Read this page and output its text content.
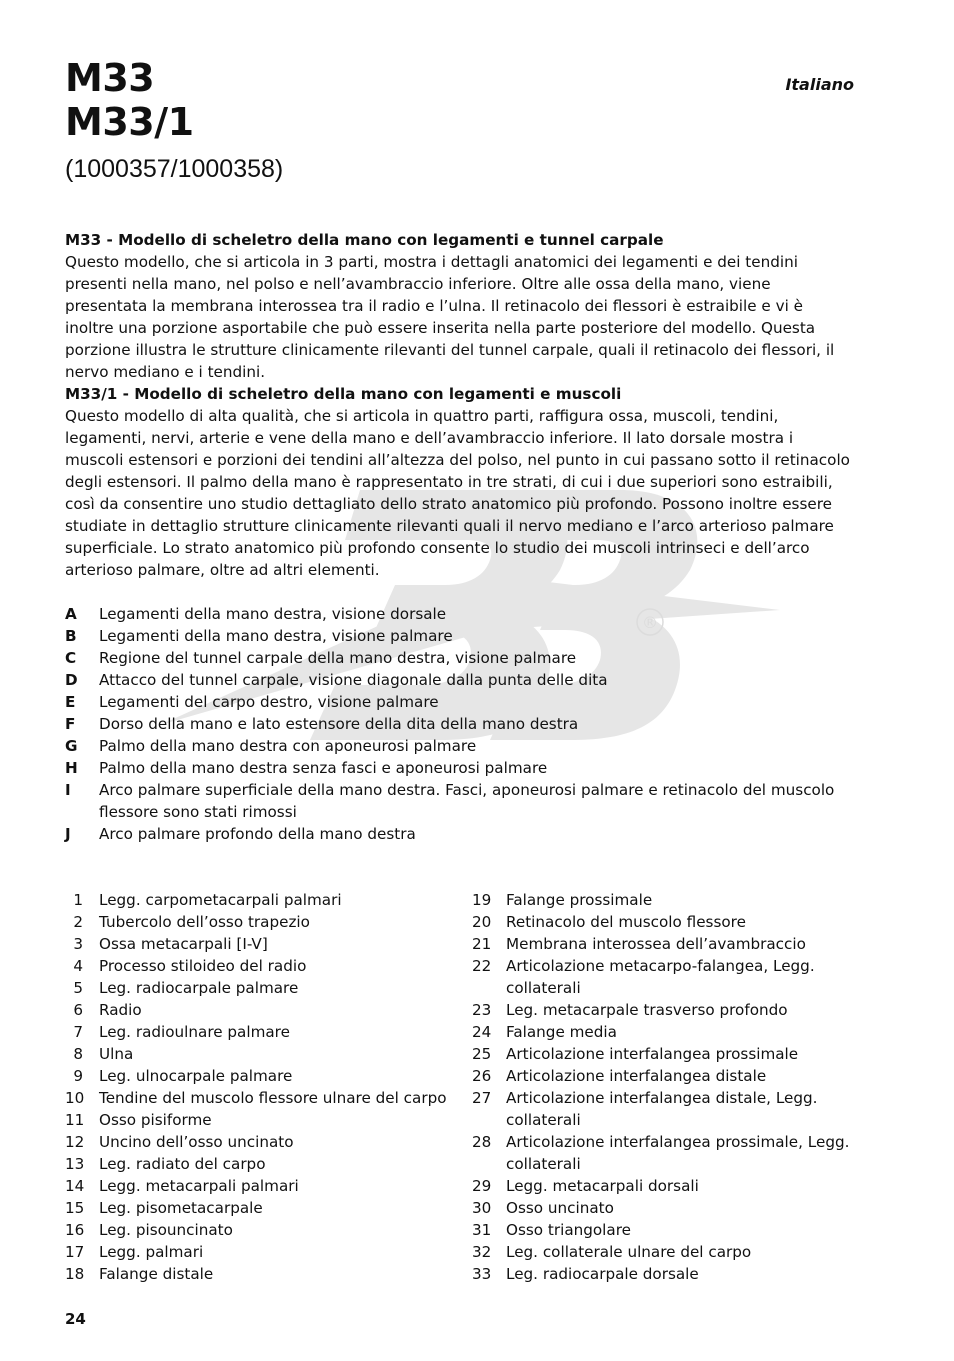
®
M33
M33/1
(1000357/1000358)
Italiano
M33 - Modello di scheletro della mano con legamenti e tunnel carpale

Questo modello, che si articola in 3 parti, mostra i dettagli anatomici dei legamenti e dei tendini presenti nella mano, nel polso e nell’avambraccio inferiore. Oltre alle ossa della mano, viene presentata la membrana interossea tra il radio e l’ulna. Il retinacolo dei flessori è estraibile e vi è inoltre una porzione asportabile che può essere inserita nella parte posteriore del modello. Questa porzione illustra le strutture clinicamente rilevanti del tunnel carpale, quali il retinacolo dei flessori, il nervo mediano e i tendini.

M33/1 - Modello di scheletro della mano con legamenti e muscoli

Questo modello di alta qualità, che si articola in quattro parti, raffigura ossa, muscoli, tendini, legamenti, nervi, arterie e vene della mano e dell’avambraccio inferiore. Il lato dorsale mostra i muscoli estensori e porzioni dei tendini all’altezza del polso, nel punto in cui passano sotto il retinacolo degli estensori. Il palmo della mano è rappresentato in tre strati, di cui i due superiori sono estraibili, così da consentire uno studio dettagliato dello strato anatomico più profondo. Possono inoltre essere studiate in dettaglio strutture clinicamente rilevanti quali il nervo mediano e l’arco arterioso palmare superficiale. Lo strato anatomico più profondo consente lo studio dei muscoli intrinseci e dell’arco arterioso palmare, oltre ad altri elementi.

A	Legamenti della mano destra, visione dorsale
B	Legamenti della mano destra, visione palmare
C	Regione del tunnel carpale della mano destra, visione palmare
D	Attacco del tunnel carpale, visione diagonale dalla punta delle dita
E	Legamenti del carpo destro, visione palmare
F	Dorso della mano e lato estensore della dita della mano destra
G	Palmo della mano destra con aponeurosi palmare
H	Palmo della mano destra senza fasci e aponeurosi palmare
I	Arco palmare superficiale della mano destra. Fasci, aponeurosi palmare e retinacolo del muscolo flessore sono stati rimossi
J	Arco palmare profondo della mano destra
1 Legg. carpometacarpali palmari
2 Tubercolo dell’osso trapezio
3 Ossa metacarpali [I-V]
4 Processo stiloideo del radio
5 Leg. radiocarpale palmare
6 Radio
7 Leg. radioulnare palmare
8 Ulna
9 Leg. ulnocarpale palmare
10 Tendine del muscolo flessore ulnare del carpo
11 Osso pisiforme
12 Uncino dell’osso uncinato
13 Leg. radiato del carpo
14 Legg. metacarpali palmari
15 Leg. pisometacarpale
16 Leg. pisouncinato
17 Legg. palmari
18 Falange distale
19 Falange prossimale
20 Retinacolo del muscolo flessore
21 Membrana interossea dell’avambraccio
22 Articolazione metacarpo-falangea, Legg. collaterali
23 Leg. metacarpale trasverso profondo
24 Falange media
25 Articolazione interfalangea prossimale
26 Articolazione interfalangea distale
27 Articolazione interfalangea distale, Legg. collaterali
28 Articolazione interfalangea prossimale, Legg. collaterali
29 Legg. metacarpali dorsali
30 Osso uncinato
31 Osso triangolare
32 Leg. collaterale ulnare del carpo
33 Leg. radiocarpale dorsale
24
